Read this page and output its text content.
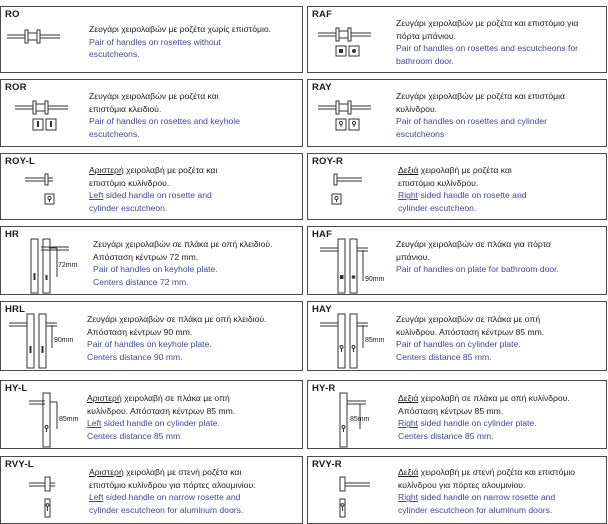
RO
Ζευγάρι χειρολαβών με ροζέτα χωρίς επιστόμιο.
Pair of handles on rosettes without
escutcheons.
RAF
Ζευγάρι χειρολαβών με ροζέτα και επιστόμιο για
πόρτα μπάνιου.
Pair of handles on rosettes and escutcheons for
bathroom door.
ROR
Ζευγάρι χειρολαβών με ροζέτα και
επιστόμια κλειδιού.
Pair of handles on rosettes and keyhole
escutcheons.
RAY
Ζευγάρι χειρολαβών με ροζέτα και επιστόμια
κυλίνδρου.
Pair of handles on rosettes and cylinder
escutcheons
ROY-L
Αριστερή χειρολαβή με ροζέτα και
επιστόμιο κυλίνδρου.
Left sided handle on rosette and
cylinder escutcheon.
ROY-R
Δεξιά χειρολαβή με ροζέτα και
επιστόμιο κυλίνδρου.
Right sided handle on rosette and
cylinder escutcheon.
HR
72mm
Ζευγάρι χειρολαβών σε πλάκα με οπή κλειδιού.
Απόσταση κέντρων 72 mm.
Pair of handles on keyhole plate.
Centers distance 72 mm.
HAF
90mm
Ζευγάρι χειρολαβών σε πλάκα για πόρτα
μπάνιου.
Pair of handles on plate for bathroom door.
HRL
90mm
Ζευγάρι χειρολαβών σε πλάκα με οπή κλειδιού.
Απόσταση κέντρων 90 mm.
Pair of handles on keyhole plate.
Centers distance 90 mm.
HAY
85mm
Ζευγάρι χειρολαβών σε πλάκα με οπή
κυλίνδρου. Απόσταση κέντρων 85 mm.
Pair of handles on cylinder plate.
Centers distance 85 mm.
HY-L
85mm
Αριστερή χειρολαβή σε πλάκα με οπή
κυλίνδρου. Απόσταση κέντρων 85 mm.
Left sided handle on cylinder plate.
Centers distance 85 mm
HY-R
85mm
Δεξιά χειρολαβή σε πλάκα με οπή κυλίνδρου.
Απόσταση κέντρων 85 mm.
Right sided handle on cylinder plate.
Centers distance 85 mm.
RVY-L
Αριστερή χειρολαβή με στενή ροζέτα και
επιστόμιο κυλίνδρου για πόρτες αλουμινίου.
Left sided handle on narrow rosette and
cylinder escutcheon for aluminum doors.
RVY-R
Δεξιά χειρολαβή με στενή ροζέτα και επιστόμιο
κυλίνδρου για πόρτες αλουμινίου.
Right sided handle on narrow rosette and
cylinder escutcheon for aluminum doors.
